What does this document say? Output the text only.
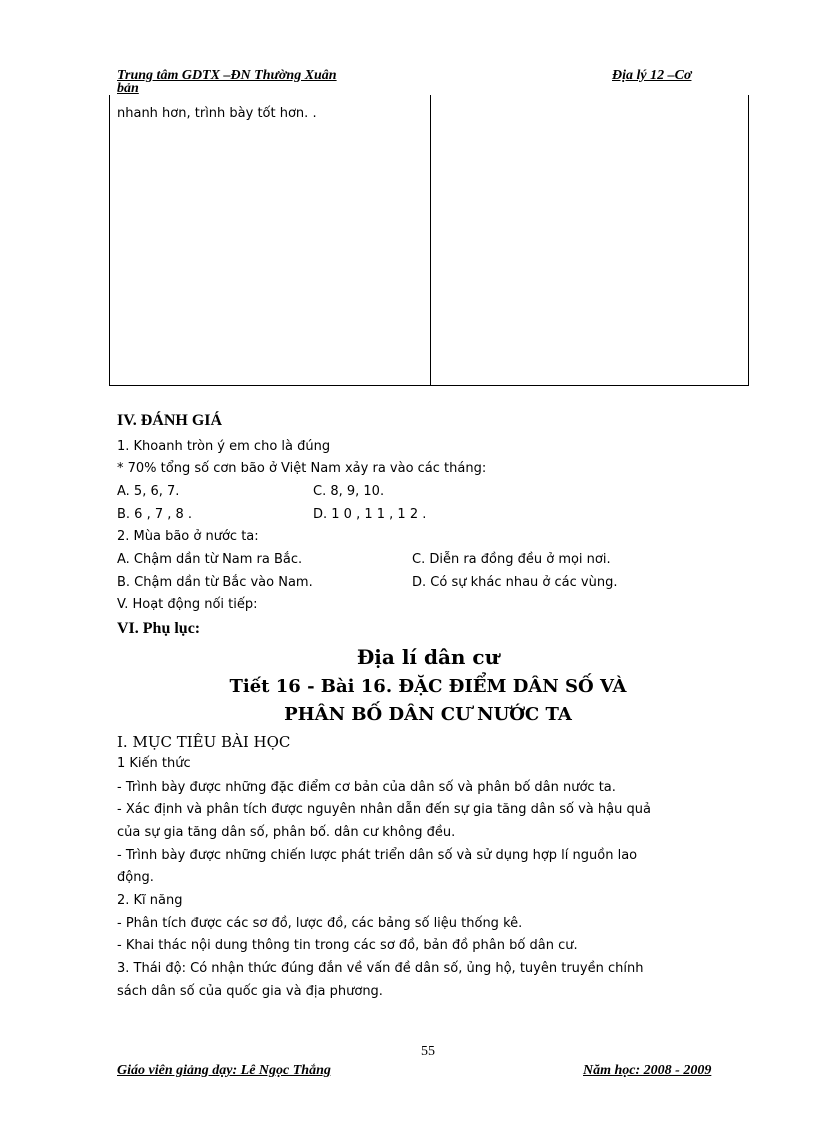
Trung tâm GDTX –ĐN Thường Xuân
bản
Địa lý 12 –Cơ
nhanh hơn, trình bày tốt hơn. .
IV. ĐÁNH GIÁ
1. Khoanh tròn ý em cho là đúng
* 70% tổng số cơn bão ở Việt Nam xảy ra vào các tháng:
A. 5, 6, 7.	C. 8, 9, 10.
B. 6 , 7 , 8 .	D. 1 0 , 1 1 , 1 2 .
2. Mùa bão ở nước ta:
A. Chậm dần từ Nam ra Bắc.	C. Diễn ra đồng đều ở mọi nơi.
B. Chậm dần từ Bắc vào Nam.	D. Có sự khác nhau ở các vùng.
V. Hoạt động nối tiếp:
VI. Phụ lục:
Địa lí dân cư
Tiết 16 - Bài 16. ĐẶC ĐIỂM DÂN SỐ VÀ
PHÂN BỐ DÂN CƯ NƯỚC TA
I. MỤC TIÊU BÀI HỌC
1 Kiến thức
- Trình bày được những đặc điểm cơ bản của dân số và phân bố dân nước ta.
- Xác định và phân tích được nguyên nhân dẫn đến sự gia tăng dân số và hậu quả
của sự gia tăng dân số, phân bố. dân cư không đều.
- Trình bày được những chiến lược phát triển dân số và sử dụng hợp lí nguồn lao
động.
2. Kĩ năng
- Phân tích được các sơ đồ, lược đồ, các bảng số liệu thống kê.
- Khai thác nội dung thông tin trong các sơ đồ, bản đồ phân bố dân cư.
3. Thái độ: Có nhận thức đúng đắn về vấn đề dân số, ủng hộ, tuyên truyền chính
sách dân số của quốc gia và địa phương.
55
Giáo viên giảng dạy: Lê Ngọc Thắng	Năm học: 2008 - 2009
